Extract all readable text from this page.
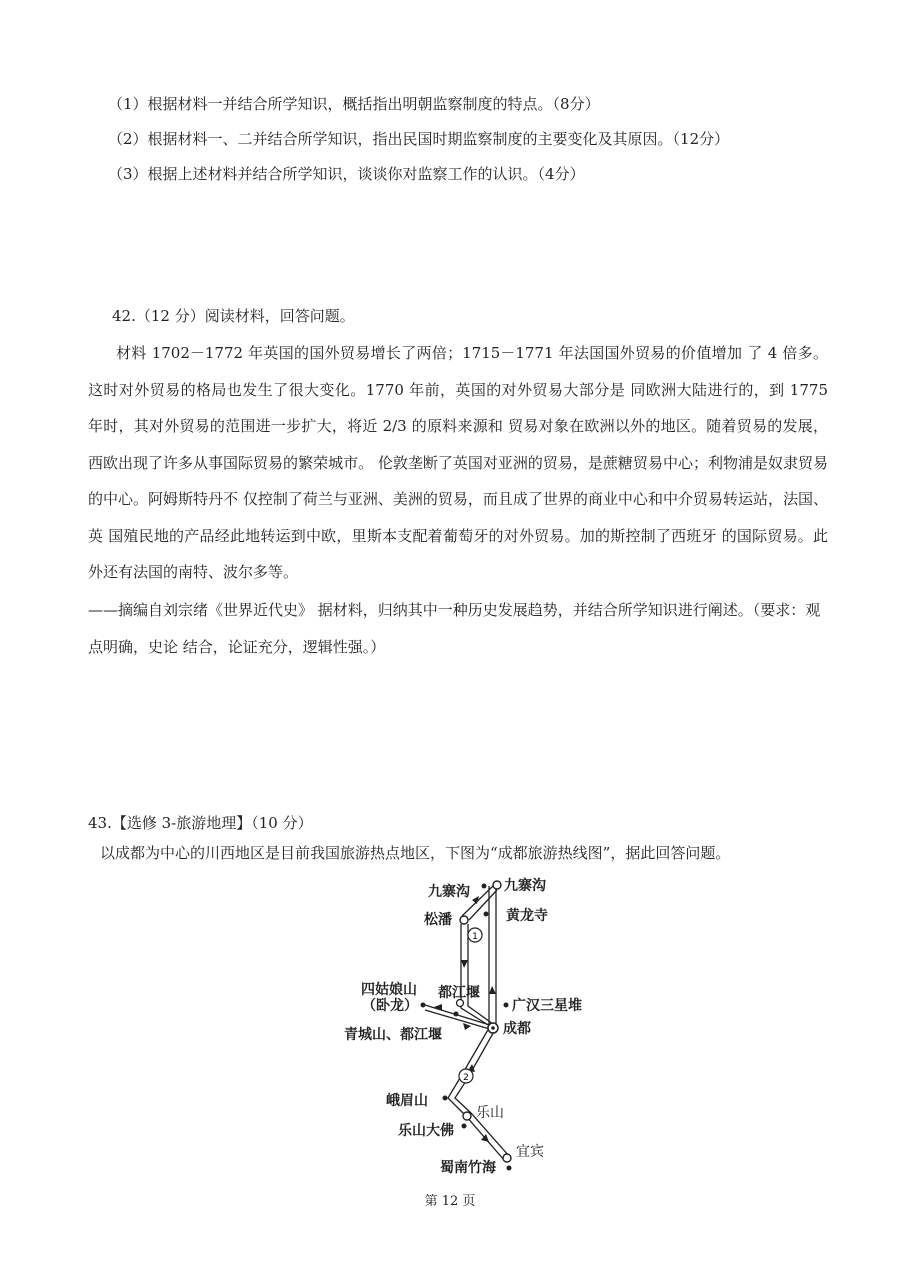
（1）根据材料一并结合所学知识，概括指出明朝监察制度的特点。（8分）
（2）根据材料一、二并结合所学知识，指出民国时期监察制度的主要变化及其原因。（12分）
（3）根据上述材料并结合所学知识，谈谈你对监察工作的认识。（4分）
42.（12 分）阅读材料，回答问题。
材料 1702－1772 年英国的国外贸易增长了两倍；1715－1771 年法国国外贸易的价值增加 了 4 倍多。这时对外贸易的格局也发生了很大变化。1770 年前，英国的对外贸易大部分是 同欧洲大陆进行的，到 1775 年时，其对外贸易的范围进一步扩大，将近 2/3 的原料来源和 贸易对象在欧洲以外的地区。随着贸易的发展，西欧出现了许多从事国际贸易的繁荣城市。 伦敦垄断了英国对亚洲的贸易，是蔗糖贸易中心；利物浦是奴隶贸易的中心。阿姆斯特丹不 仅控制了荷兰与亚洲、美洲的贸易，而且成了世界的商业中心和中介贸易转运站，法国、英 国殖民地的产品经此地转运到中欧，里斯本支配着葡萄牙的对外贸易。加的斯控制了西班牙 的国际贸易。此外还有法国的南特、波尔多等。
——摘编自刘宗绪《世界近代史》 据材料，归纳其中一种历史发展趋势，并结合所学知识进行阐述。（要求：观点明确，史论 结合，论证充分，逻辑性强。）
43.【选修 3-旅游地理】（10 分）
以成都为中心的川西地区是目前我国旅游热点地区，下图为“成都旅游热线图”，据此回答问题。
1
2
九寨沟 九寨沟
松潘	黄龙寺
四姑娘山
（卧龙）
都江堰
广汉三星堆
青城山、都江堰	成都
峨眉山
乐山
乐山大佛
宜宾
蜀南竹海
第 12 页
